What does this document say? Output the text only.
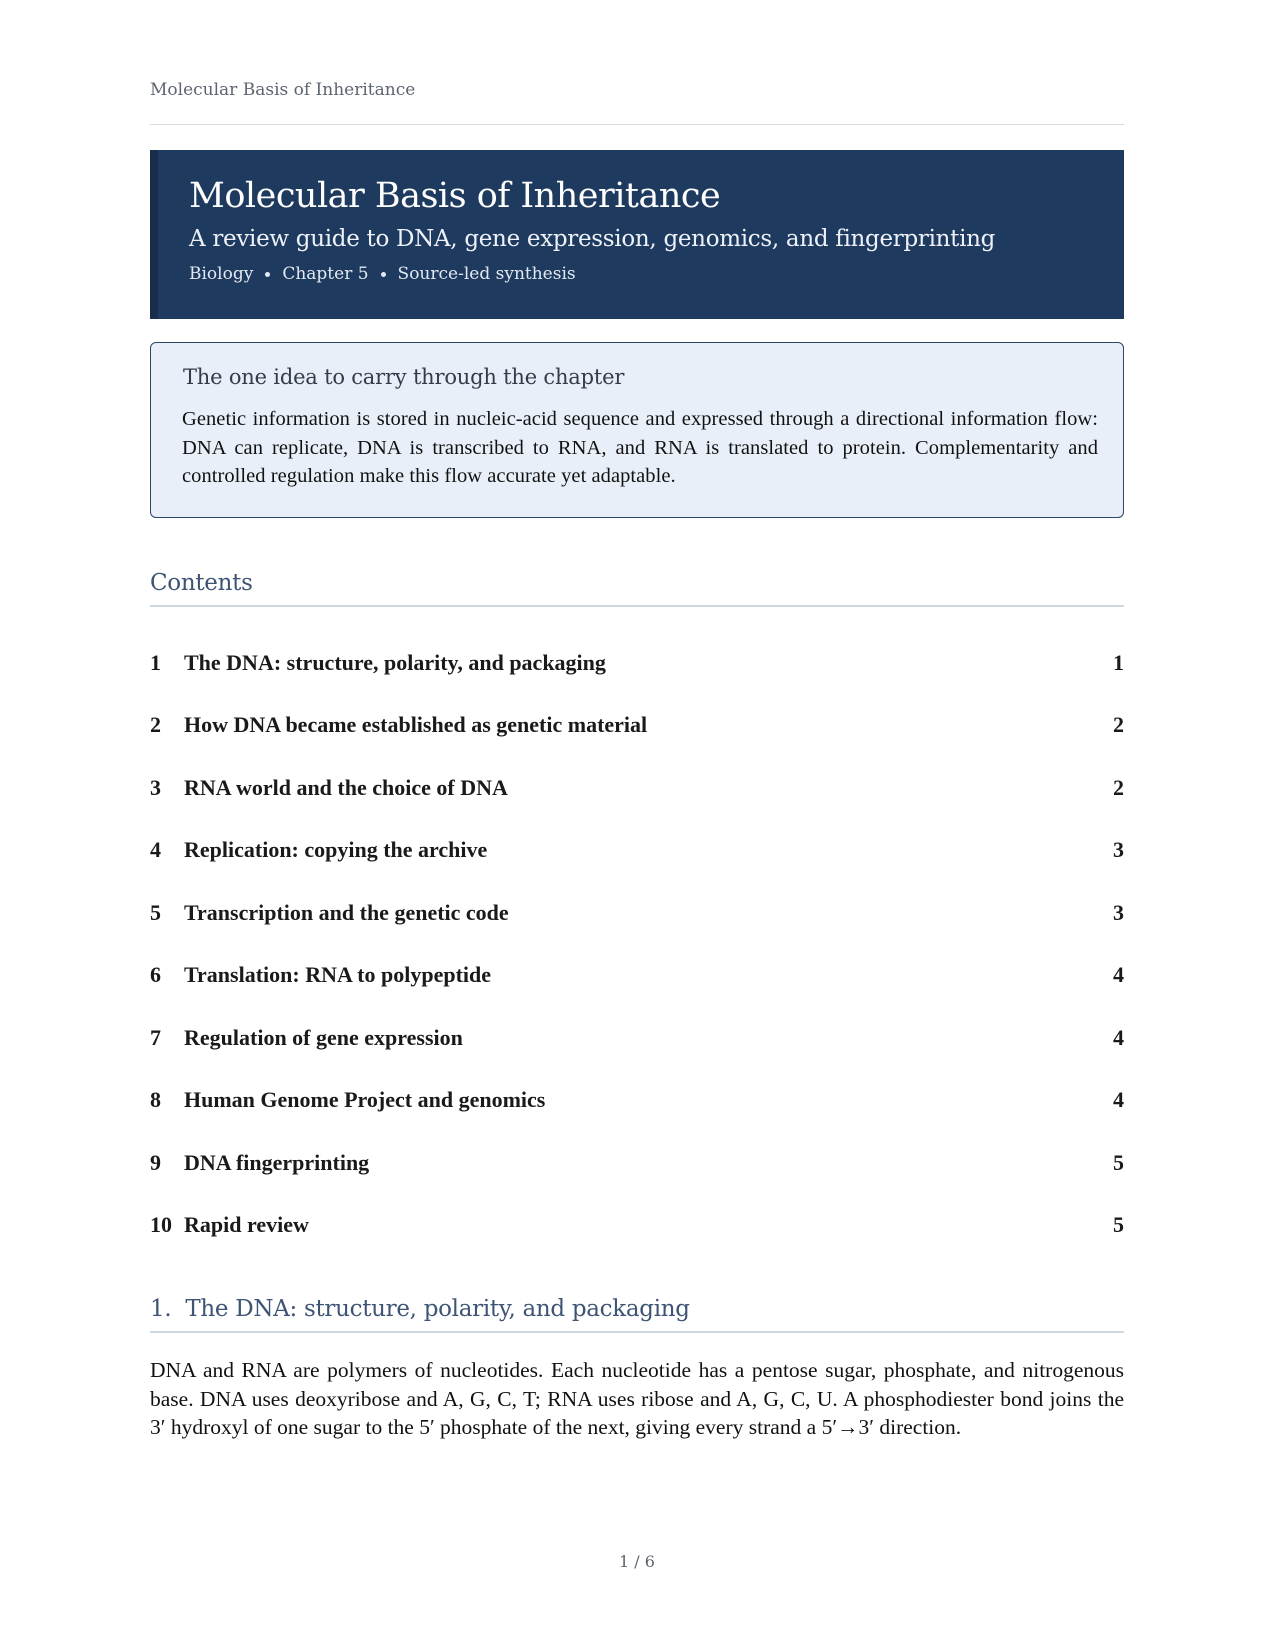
Molecular Basis of Inheritance
Molecular Basis of Inheritance
A review guide to DNA, gene expression, genomics, and fingerprinting
Biology Chapter 5 Source-led synthesis
The one idea to carry through the chapter
Genetic information is stored in nucleic-acid sequence and expressed through a directional information flow: DNA can replicate, DNA is transcribed to RNA, and RNA is translated to protein. Complementarity and controlled regulation make this flow accurate yet adaptable.
Contents
1 The DNA: structure, polarity, and packaging	1
2 How DNA became established as genetic material	2
3 RNA world and the choice of DNA	2
4 Replication: copying the archive	3
5 Transcription and the genetic code	3
6 Translation: RNA to polypeptide	4
7 Regulation of gene expression	4
8 Human Genome Project and genomics	4
9 DNA fingerprinting	5
10 Rapid review	5
1. The DNA: structure, polarity, and packaging
DNA and RNA are polymers of nucleotides. Each nucleotide has a pentose sugar, phosphate, and nitrogenous base. DNA uses deoxyribose and A, G, C, T; RNA uses ribose and A, G, C, U. A phosphodiester bond joins the 3′ hydroxyl of one sugar to the 5′ phosphate of the next, giving every strand a 5′→3′ direction.
1 / 6
